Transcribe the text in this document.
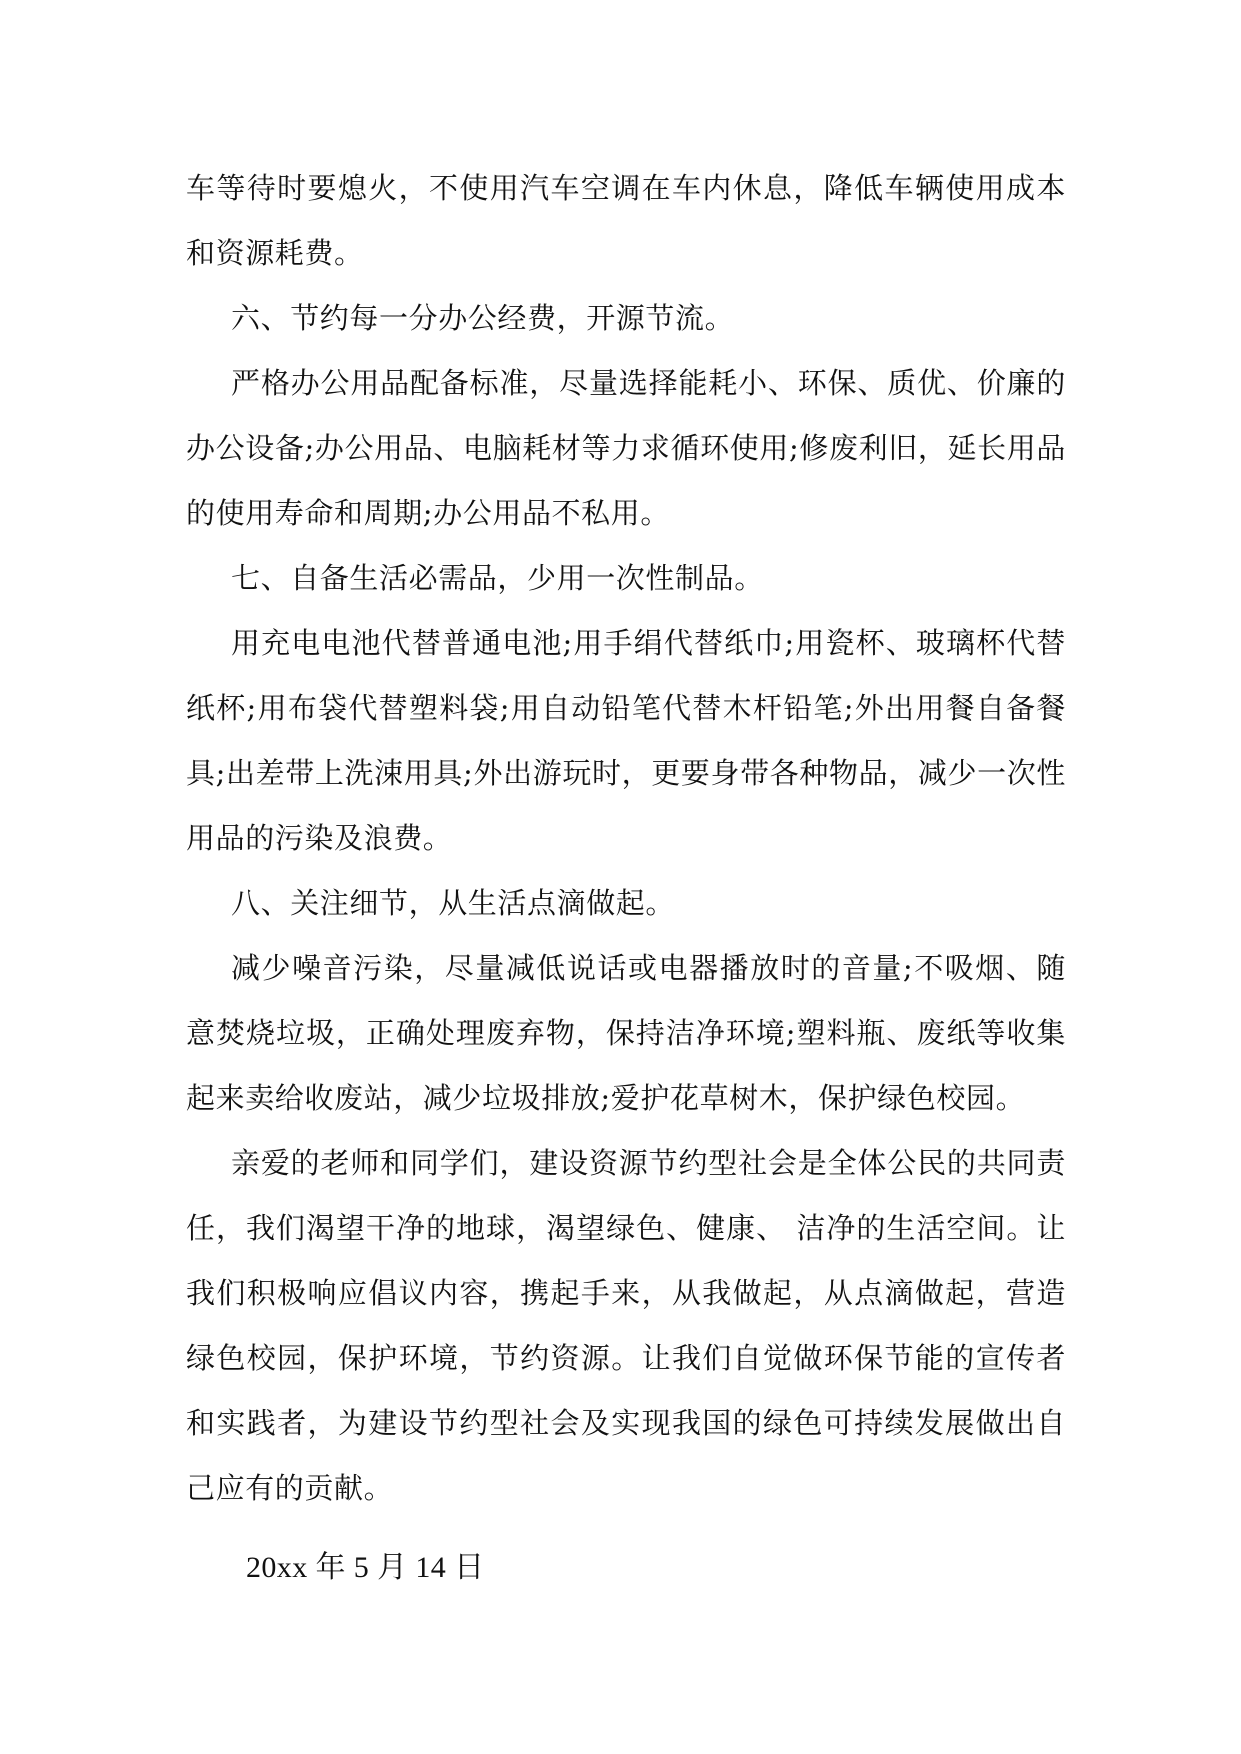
车等待时要熄火，不使用汽车空调在车内休息，降低车辆使用成本和资源耗费。

六、节约每一分办公经费，开源节流。

严格办公用品配备标准，尽量选择能耗小、环保、质优、价廉的办公设备;办公用品、电脑耗材等力求循环使用;修废利旧，延长用品的使用寿命和周期;办公用品不私用。

七、自备生活必需品，少用一次性制品。

用充电电池代替普通电池;用手绢代替纸巾;用瓷杯、玻璃杯代替纸杯;用布袋代替塑料袋;用自动铅笔代替木杆铅笔;外出用餐自备餐具;出差带上洗涑用具;外出游玩时，更要身带各种物品，减少一次性用品的污染及浪费。

八、关注细节，从生活点滴做起。

减少噪音污染，尽量减低说话或电器播放时的音量;不吸烟、随意焚烧垃圾，正确处理废弃物，保持洁净环境;塑料瓶、废纸等收集起来卖给收废站，减少垃圾排放;爱护花草树木，保护绿色校园。

亲爱的老师和同学们，建设资源节约型社会是全体公民的共同责任，我们渴望干净的地球，渴望绿色、健康、 洁净的生活空间。让我们积极响应倡议内容，携起手来，从我做起，从点滴做起，营造绿色校园，保护环境，节约资源。让我们自觉做环保节能的宣传者和实践者，为建设节约型社会及实现我国的绿色可持续发展做出自己应有的贡献。

20xx 年 5 月 14 日
